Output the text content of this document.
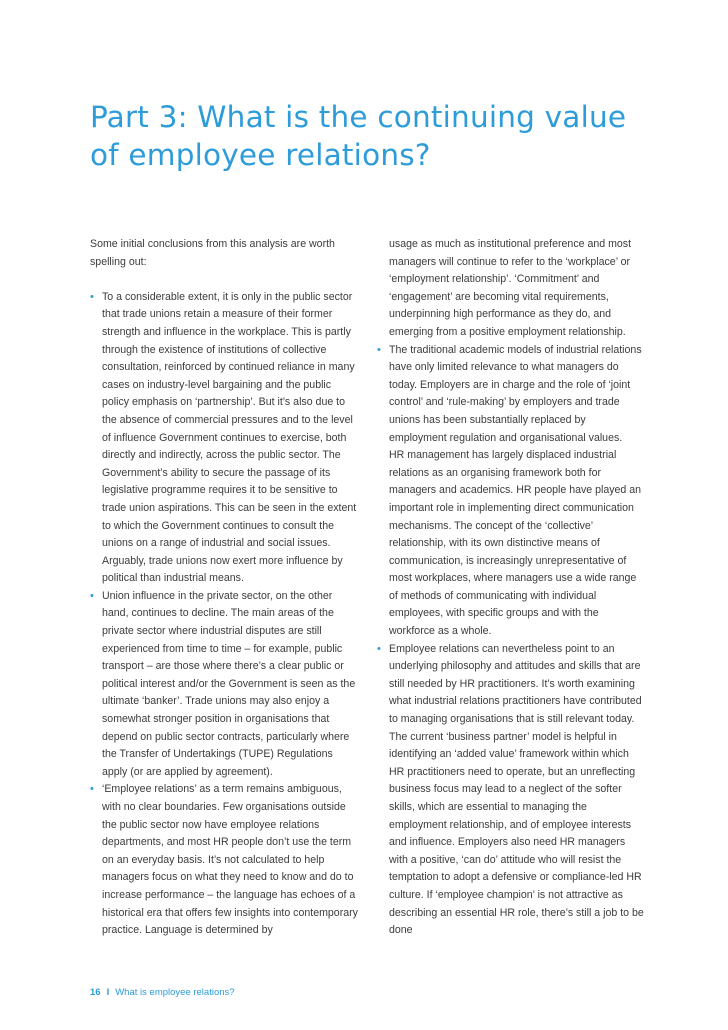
Part 3: What is the continuing value of employee relations?

Some initial conclusions from this analysis are worth spelling out:

• To a considerable extent, it is only in the public sector that trade unions retain a measure of their former strength and influence in the workplace. This is partly through the existence of institutions of collective consultation, reinforced by continued reliance in many cases on industry-level bargaining and the public policy emphasis on ‘partnership’. But it’s also due to the absence of commercial pressures and to the level of influence Government continues to exercise, both directly and indirectly, across the public sector. The Government’s ability to secure the passage of its legislative programme requires it to be sensitive to trade union aspirations. This can be seen in the extent to which the Government continues to consult the unions on a range of industrial and social issues. Arguably, trade unions now exert more influence by political than industrial means.
• Union influence in the private sector, on the other hand, continues to decline. The main areas of the private sector where industrial disputes are still experienced from time to time – for example, public transport – are those where there’s a clear public or political interest and/or the Government is seen as the ultimate ‘banker’. Trade unions may also enjoy a somewhat stronger position in organisations that depend on public sector contracts, particularly where the Transfer of Undertakings (TUPE) Regulations apply (or are applied by agreement).
• ‘Employee relations’ as a term remains ambiguous, with no clear boundaries. Few organisations outside the public sector now have employee relations departments, and most HR people don’t use the term on an everyday basis. It’s not calculated to help managers focus on what they need to know and do to increase performance – the language has echoes of a historical era that offers few insights into contemporary practice. Language is determined by

usage as much as institutional preference and most managers will continue to refer to the ‘workplace’ or ‘employment relationship’. ‘Commitment’ and ‘engagement’ are becoming vital requirements, underpinning high performance as they do, and emerging from a positive employment relationship.

• The traditional academic models of industrial relations have only limited relevance to what managers do today. Employers are in charge and the role of ‘joint control’ and ‘rule-making’ by employers and trade unions has been substantially replaced by employment regulation and organisational values.
HR management has largely displaced industrial relations as an organising framework both for managers and academics. HR people have played an important role in implementing direct communication mechanisms. The concept of the ‘collective’ relationship, with its own distinctive means of communication, is increasingly unrepresentative of most workplaces, where managers use a wide range of methods of communicating with individual employees, with specific groups and with the workforce as a whole.
• Employee relations can nevertheless point to an underlying philosophy and attitudes and skills that are still needed by HR practitioners. It’s worth examining what industrial relations practitioners have contributed to managing organisations that is still relevant today. The current ‘business partner’ model is helpful in identifying an ‘added value’ framework within which HR practitioners need to operate, but an unreflecting business focus may lead to a neglect of the softer skills, which are essential to managing the employment relationship, and of employee interests and influence. Employers also need HR managers with a positive, ‘can do’ attitude who will resist the temptation to adopt a defensive or compliance-led HR culture. If ‘employee champion’ is not attractive as describing an essential HR role, there’s still a job to be done
16 I What is employee relations?
